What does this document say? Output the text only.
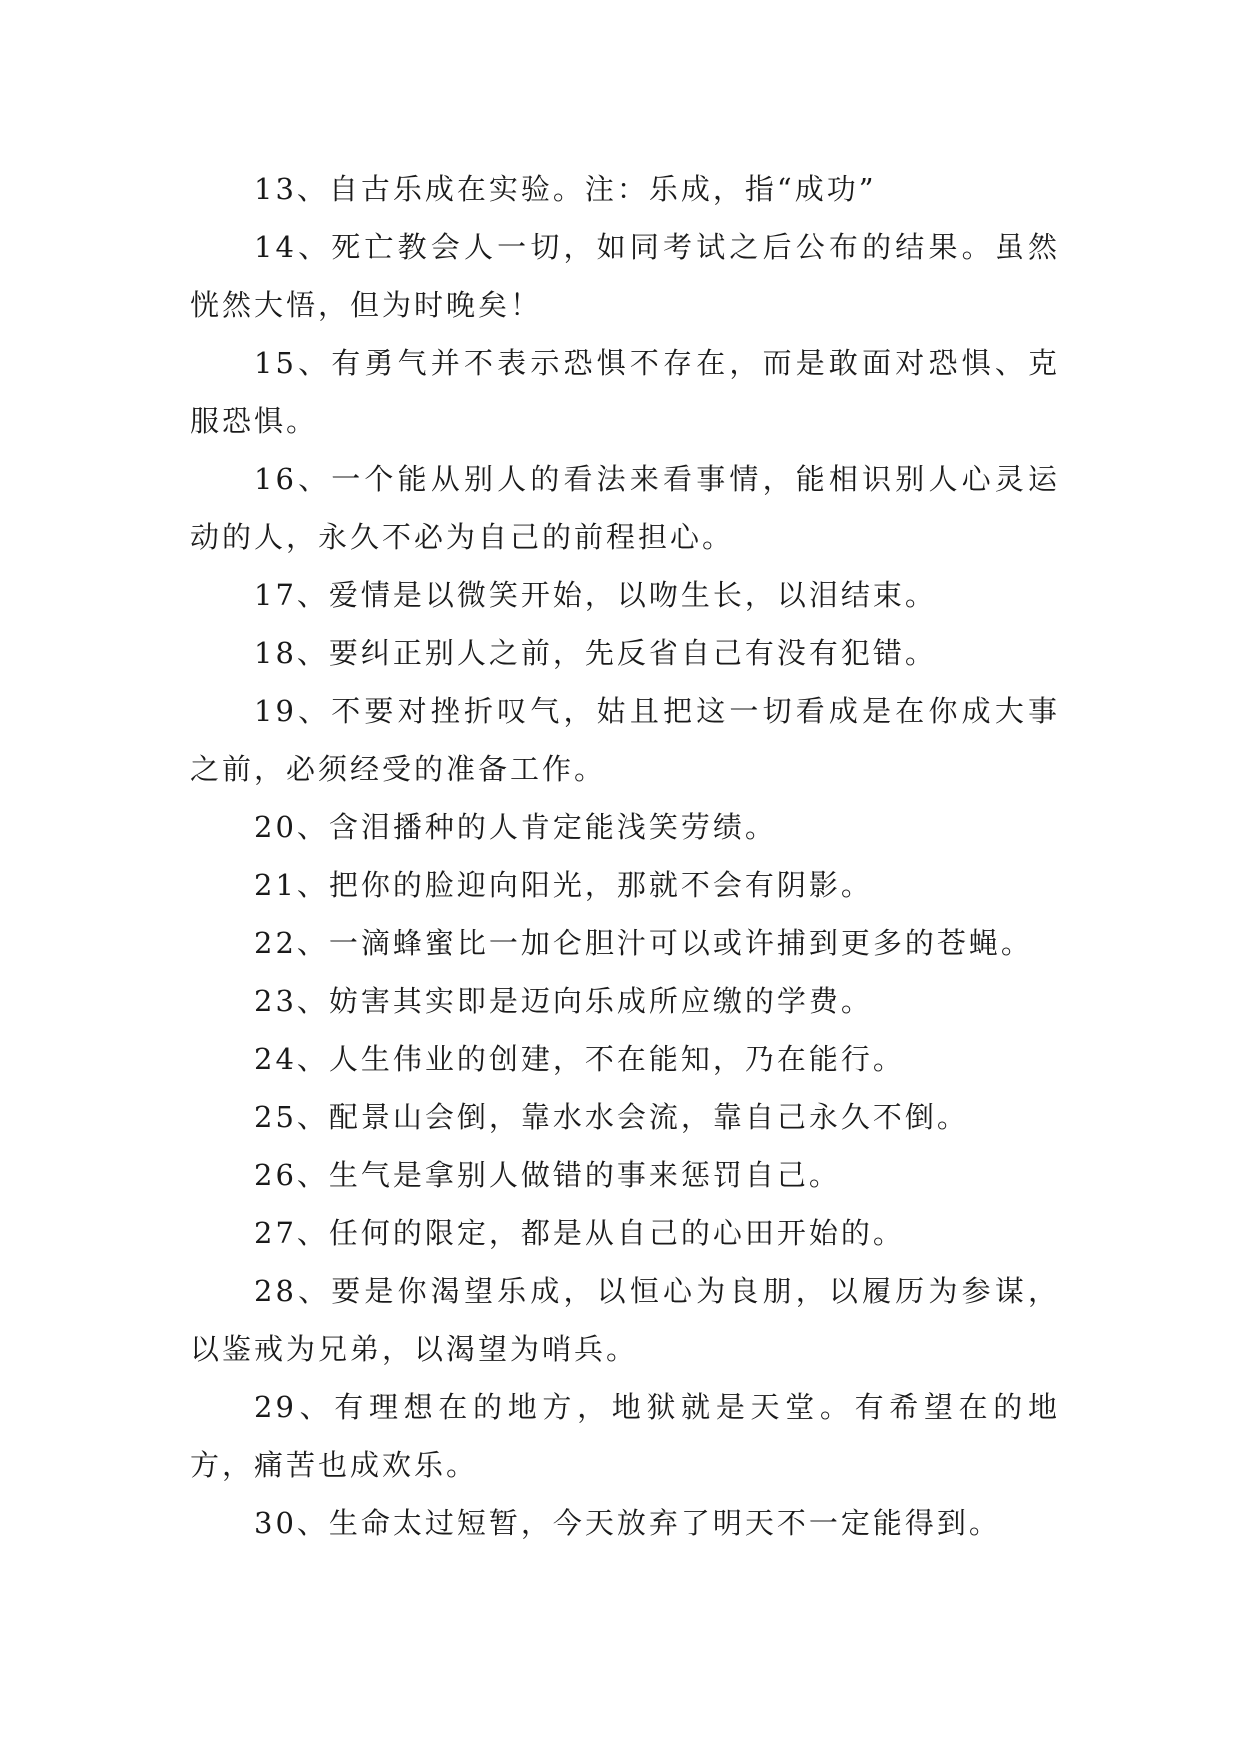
13、自古乐成在实验。注：乐成，指“成功”

14、死亡教会人一切，如同考试之后公布的结果。虽然恍然大悟，但为时晚矣！

15、有勇气并不表示恐惧不存在，而是敢面对恐惧、克服恐惧。

16、一个能从别人的看法来看事情，能相识别人心灵运动的人，永久不必为自己的前程担心。

17、爱情是以微笑开始，以吻生长，以泪结束。

18、要纠正别人之前，先反省自己有没有犯错。

19、不要对挫折叹气，姑且把这一切看成是在你成大事之前，必须经受的准备工作。

20、含泪播种的人肯定能浅笑劳绩。

21、把你的脸迎向阳光，那就不会有阴影。

22、一滴蜂蜜比一加仑胆汁可以或许捕到更多的苍蝇。

23、妨害其实即是迈向乐成所应缴的学费。

24、人生伟业的创建，不在能知，乃在能行。

25、配景山会倒，靠水水会流，靠自己永久不倒。

26、生气是拿别人做错的事来惩罚自己。

27、任何的限定，都是从自己的心田开始的。

28、要是你渴望乐成，以恒心为良朋，以履历为参谋，以鉴戒为兄弟，以渴望为哨兵。

29、有理想在的地方，地狱就是天堂。有希望在的地方，痛苦也成欢乐。

30、生命太过短暂，今天放弃了明天不一定能得到。
